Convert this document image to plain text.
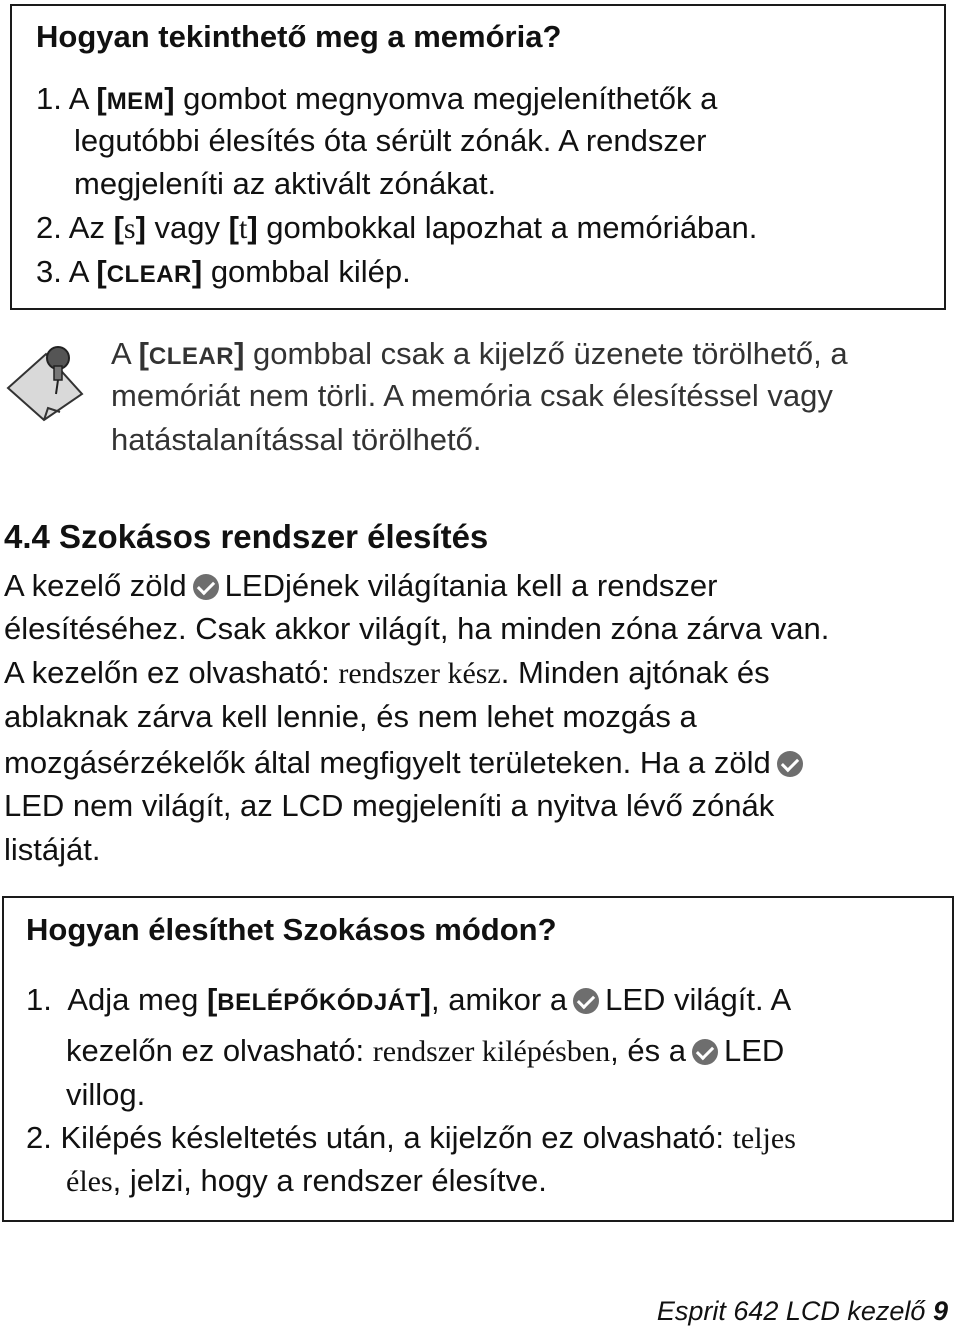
Hogyan tekinthető meg a memória?
1. A [MEM] gombot megnyomva megjeleníthetők a
legutóbbi élesítés óta sérült zónák. A rendszer
megjeleníti az aktivált zónákat.
2. Az [s] vagy [t] gombokkal lapozhat a memóriában.
3. A [CLEAR] gombbal kilép.
A [CLEAR] gombbal csak a kijelző üzenete törölhető, a
memóriát nem törli. A memória csak élesítéssel vagy
hatástalanítással törölhető.
4.4 Szokásos rendszer élesítés
A kezelő zöld LEDjének világítania kell a rendszer
élesítéséhez. Csak akkor világít, ha minden zóna zárva van.
A kezelőn ez olvasható: rendszer kész. Minden ajtónak és
ablaknak zárva kell lennie, és nem lehet mozgás a
mozgásérzékelők által megfigyelt területeken. Ha a zöld
LED nem világít, az LCD megjeleníti a nyitva lévő zónák
listáját.
Hogyan élesíthet Szokásos módon?
1. Adja meg [BELÉPŐKÓDJÁT], amikor a LED világít. A
kezelőn ez olvasható: rendszer kilépésben, és a LED
villog.
2. Kilépés késleltetés után, a kijelzőn ez olvasható: teljes
éles, jelzi, hogy a rendszer élesítve.
Esprit 642 LCD kezelő 9
